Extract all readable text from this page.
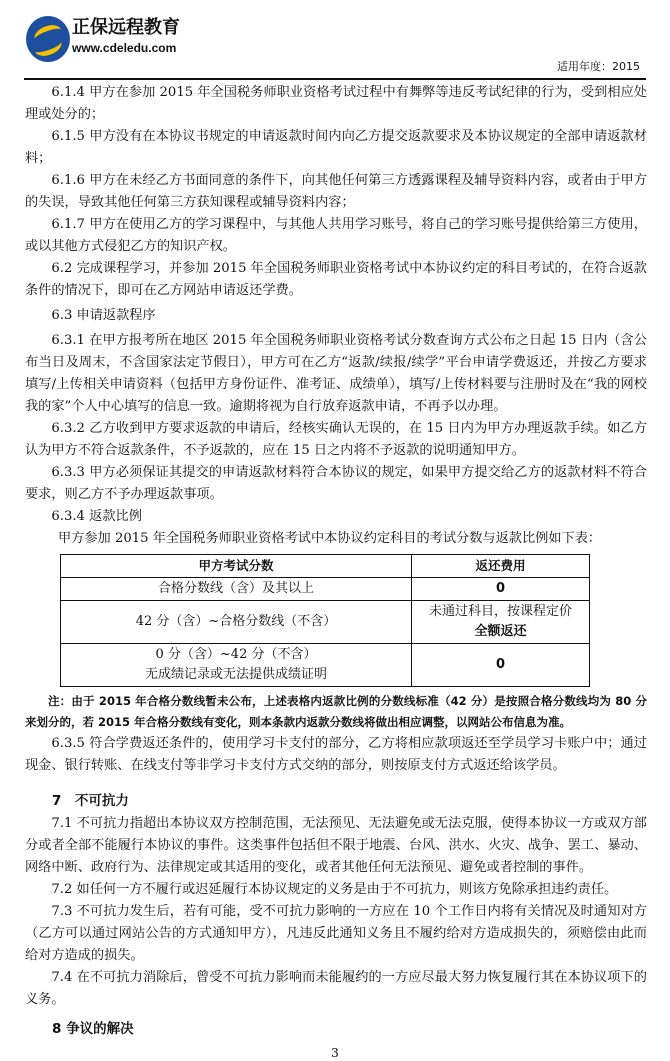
正保远程教育
www.cdeledu.com
适用年度：2015

6.1.4 甲方在参加 2015 年全国税务师职业资格考试过程中有舞弊等违反考试纪律的行为，受到相应处理或处分的；

6.1.5 甲方没有在本协议书规定的申请返款时间内向乙方提交返款要求及本协议规定的全部申请返款材料；

6.1.6 甲方在未经乙方书面同意的条件下，向其他任何第三方透露课程及辅导资料内容，或者由于甲方的失误，导致其他任何第三方获知课程或辅导资料内容；

6.1.7 甲方在使用乙方的学习课程中，与其他人共用学习账号，将自己的学习账号提供给第三方使用，或以其他方式侵犯乙方的知识产权。

6.2 完成课程学习，并参加 2015 年全国税务师职业资格考试中本协议约定的科目考试的，在符合返款条件的情况下，即可在乙方网站申请返还学费。

6.3 申请返款程序

6.3.1 在甲方报考所在地区 2015 年全国税务师职业资格考试分数查询方式公布之日起 15 日内（含公布当日及周末，不含国家法定节假日），甲方可在乙方“返款/续报/续学”平台申请学费返还，并按乙方要求填写/上传相关申请资料（包括甲方身份证件、准考证、成绩单），填写/上传材料要与注册时及在“我的网校我的家”个人中心填写的信息一致。逾期将视为自行放弃返款申请，不再予以办理。

6.3.2 乙方收到甲方要求返款的申请后，经核实确认无误的，在 15 日内为甲方办理返款手续。如乙方认为甲方不符合返款条件，不予返款的，应在 15 日之内将不予返款的说明通知甲方。

6.3.3 甲方必须保证其提交的申请返款材料符合本协议的规定，如果甲方提交给乙方的返款材料不符合要求，则乙方不予办理返款事项。

6.3.4 返款比例

甲方参加 2015 年全国税务师职业资格考试中本协议约定科目的考试分数与返款比例如下表：

甲方考试分数	返还费用
合格分数线（含）及其以上	0
42 分（含）~合格分数线（不含）	未通过科目，按课程定价
全额返还

0 分（含）~42 分（不含）
无成绩记录或无法提供成绩证明	0

注：由于 2015 年合格分数线暂未公布，上述表格内返款比例的分数线标准（42 分）是按照合格分数线均为 80 分来划分的，若 2015 年合格分数线有变化，则本条款内返款分数线将做出相应调整，以网站公布信息为准。

6.3.5 符合学费返还条件的，使用学习卡支付的部分，乙方将相应款项返还至学员学习卡账户中；通过现金、银行转账、在线支付等非学习卡支付方式交纳的部分，则按原支付方式返还给该学员。

7　不可抗力

7.1 不可抗力指超出本协议双方控制范围，无法预见、无法避免或无法克服，使得本协议一方或双方部分或者全部不能履行本协议的事件。这类事件包括但不限于地震、台风、洪水、火灾、战争、罢工、暴动、网络中断、政府行为、法律规定或其适用的变化，或者其他任何无法预见、避免或者控制的事件。

7.2 如任何一方不履行或迟延履行本协议规定的义务是由于不可抗力，则该方免除承担违约责任。

7.3 不可抗力发生后，若有可能，受不可抗力影响的一方应在 10 个工作日内将有关情况及时通知对方（乙方可以通过网站公告的方式通知甲方），凡违反此通知义务且不履约给对方造成损失的，须赔偿由此而给对方造成的损失。

7.4 在不可抗力消除后，曾受不可抗力影响而未能履约的一方应尽最大努力恢复履行其在本协议项下的义务。

8 争议的解决
3
